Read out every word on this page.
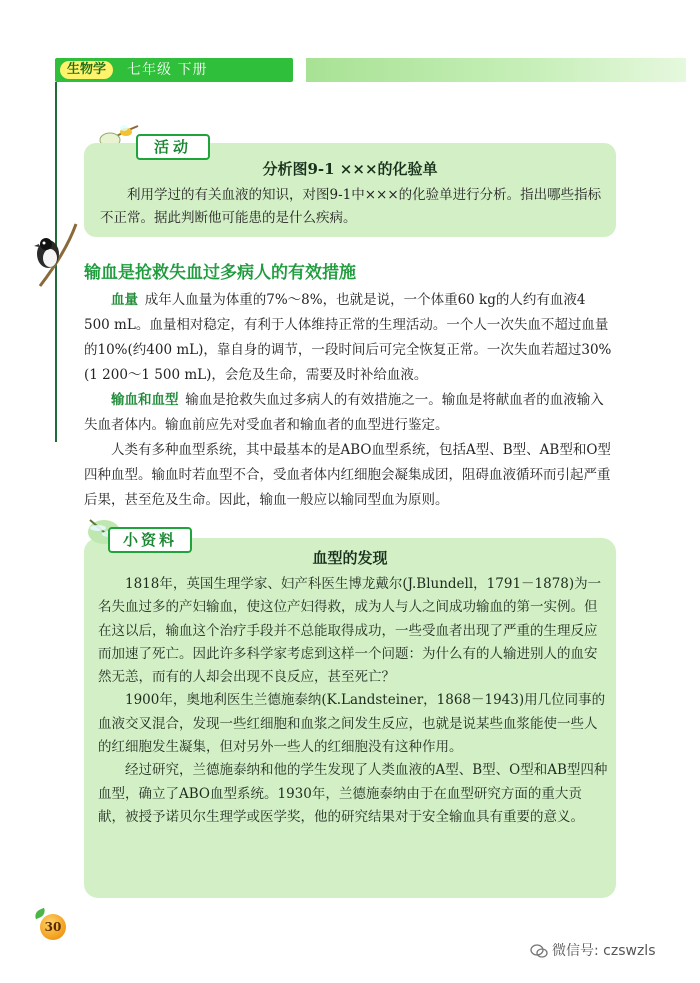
生物学	七年级 下册
活动
分析图9-1 ×××的化验单
利用学过的有关血液的知识，对图9-1中×××的化验单进行分析。指出哪些指标不正常。据此判断他可能患的是什么疾病。
输血是抢救失血过多病人的有效措施

血量 成年人血量为体重的7%～8%，也就是说，一个体重60 kg的人约有血液4 500 mL。血量相对稳定，有利于人体维持正常的生理活动。一个人一次失血不超过血量的10%(约400 mL)，靠自身的调节，一段时间后可完全恢复正常。一次失血若超过30%(1 200～1 500 mL)，会危及生命，需要及时补给血液。

输血和血型 输血是抢救失血过多病人的有效措施之一。输血是将献血者的血液输入失血者体内。输血前应先对受血者和输血者的血型进行鉴定。

人类有多种血型系统，其中最基本的是ABO血型系统，包括A型、B型、AB型和O型四种血型。输血时若血型不合，受血者体内红细胞会凝集成团，阻碍血液循环而引起严重后果，甚至危及生命。因此，输血一般应以输同型血为原则。

小资料
血型的发现

1818年，英国生理学家、妇产科医生博龙戴尔(J.Blundell，1791－1878)为一名失血过多的产妇输血，使这位产妇得救，成为人与人之间成功输血的第一实例。但在这以后，输血这个治疗手段并不总能取得成功，一些受血者出现了严重的生理反应而加速了死亡。因此许多科学家考虑到这样一个问题：为什么有的人输进别人的血安然无恙，而有的人却会出现不良反应，甚至死亡？

1900年，奥地利医生兰德施泰纳(K.Landsteiner，1868－1943)用几位同事的血液交叉混合，发现一些红细胞和血浆之间发生反应，也就是说某些血浆能使一些人的红细胞发生凝集，但对另外一些人的红细胞没有这种作用。

经过研究，兰德施泰纳和他的学生发现了人类血液的A型、B型、O型和AB型四种血型，确立了ABO血型系统。1930年，兰德施泰纳由于在血型研究方面的重大贡献，被授予诺贝尔生理学或医学奖，他的研究结果对于安全输血具有重要的意义。

30
微信号: czswzls
